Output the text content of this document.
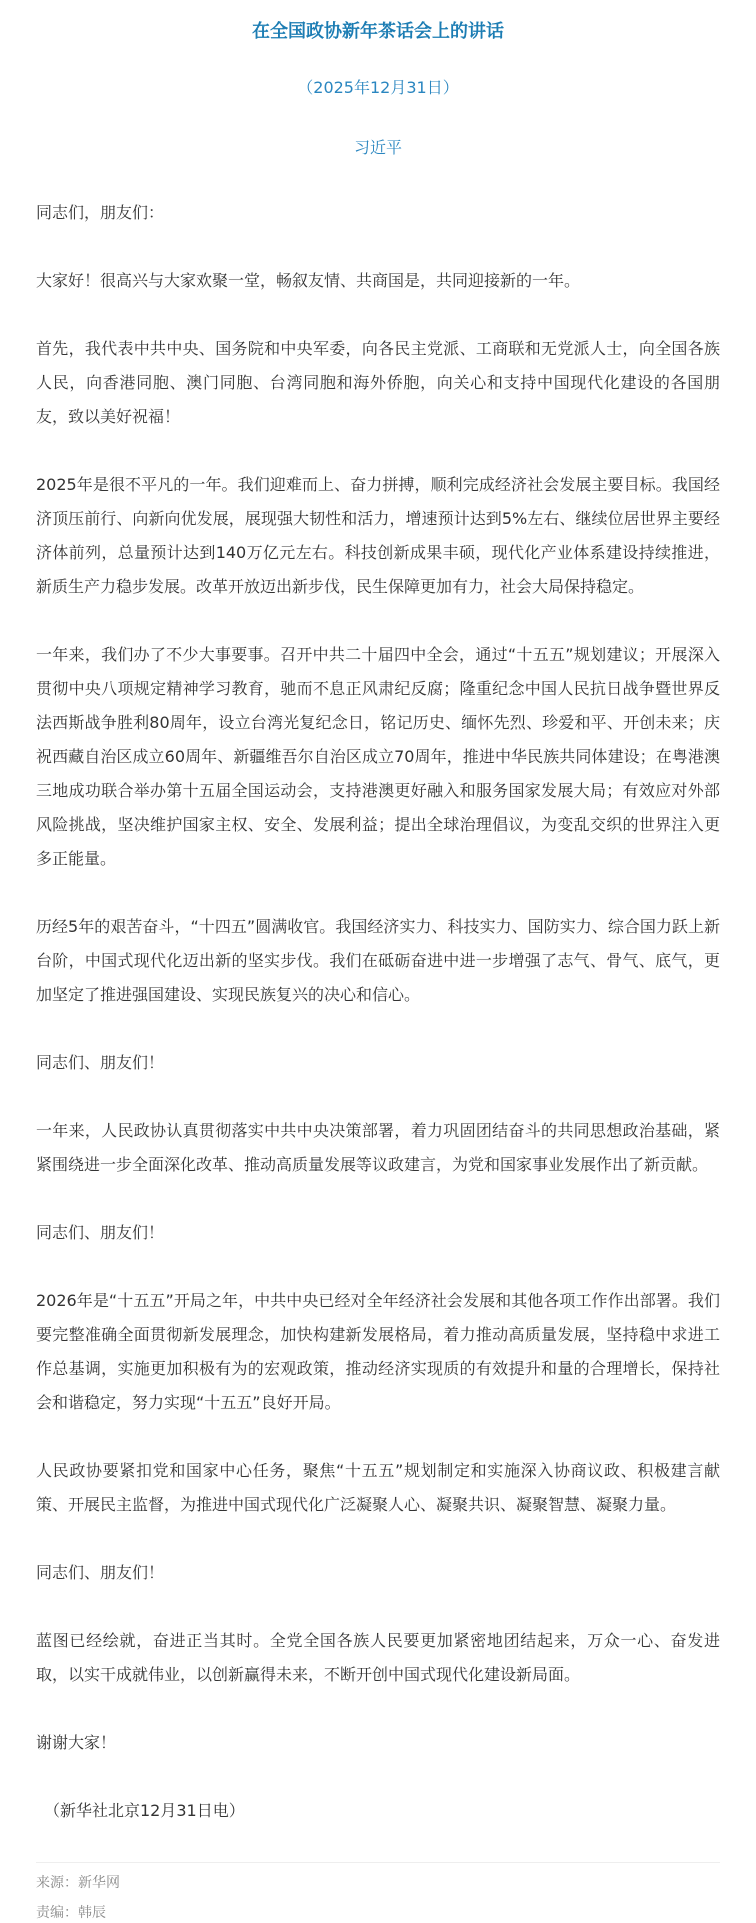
在全国政协新年茶话会上的讲话
（2025年12月31日）
习近平

同志们，朋友们：

大家好！很高兴与大家欢聚一堂，畅叙友情、共商国是，共同迎接新的一年。

首先，我代表中共中央、国务院和中央军委，向各民主党派、工商联和无党派人士，向全国各族人民，向香港同胞、澳门同胞、台湾同胞和海外侨胞，向关心和支持中国现代化建设的各国朋友，致以美好祝福！

2025年是很不平凡的一年。我们迎难而上、奋力拼搏，顺利完成经济社会发展主要目标。我国经济顶压前行、向新向优发展，展现强大韧性和活力，增速预计达到5%左右、继续位居世界主要经济体前列，总量预计达到140万亿元左右。科技创新成果丰硕，现代化产业体系建设持续推进，新质生产力稳步发展。改革开放迈出新步伐，民生保障更加有力，社会大局保持稳定。

一年来，我们办了不少大事要事。召开中共二十届四中全会，通过“十五五”规划建议；开展深入贯彻中央八项规定精神学习教育，驰而不息正风肃纪反腐；隆重纪念中国人民抗日战争暨世界反法西斯战争胜利80周年，设立台湾光复纪念日，铭记历史、缅怀先烈、珍爱和平、开创未来；庆祝西藏自治区成立60周年、新疆维吾尔自治区成立70周年，推进中华民族共同体建设；在粤港澳三地成功联合举办第十五届全国运动会，支持港澳更好融入和服务国家发展大局；有效应对外部风险挑战，坚决维护国家主权、安全、发展利益；提出全球治理倡议，为变乱交织的世界注入更多正能量。

历经5年的艰苦奋斗，“十四五”圆满收官。我国经济实力、科技实力、国防实力、综合国力跃上新台阶，中国式现代化迈出新的坚实步伐。我们在砥砺奋进中进一步增强了志气、骨气、底气，更加坚定了推进强国建设、实现民族复兴的决心和信心。

同志们、朋友们！

一年来，人民政协认真贯彻落实中共中央决策部署，着力巩固团结奋斗的共同思想政治基础，紧紧围绕进一步全面深化改革、推动高质量发展等议政建言，为党和国家事业发展作出了新贡献。

同志们、朋友们！

2026年是“十五五”开局之年，中共中央已经对全年经济社会发展和其他各项工作作出部署。我们要完整准确全面贯彻新发展理念，加快构建新发展格局，着力推动高质量发展，坚持稳中求进工作总基调，实施更加积极有为的宏观政策，推动经济实现质的有效提升和量的合理增长，保持社会和谐稳定，努力实现“十五五”良好开局。

人民政协要紧扣党和国家中心任务，聚焦“十五五”规划制定和实施深入协商议政、积极建言献策、开展民主监督，为推进中国式现代化广泛凝聚人心、凝聚共识、凝聚智慧、凝聚力量。

同志们、朋友们！

蓝图已经绘就，奋进正当其时。全党全国各族人民要更加紧密地团结起来，万众一心、奋发进取，以实干成就伟业，以创新赢得未来，不断开创中国式现代化建设新局面。

谢谢大家！

（新华社北京12月31日电）

来源：新华网
责编：韩辰
